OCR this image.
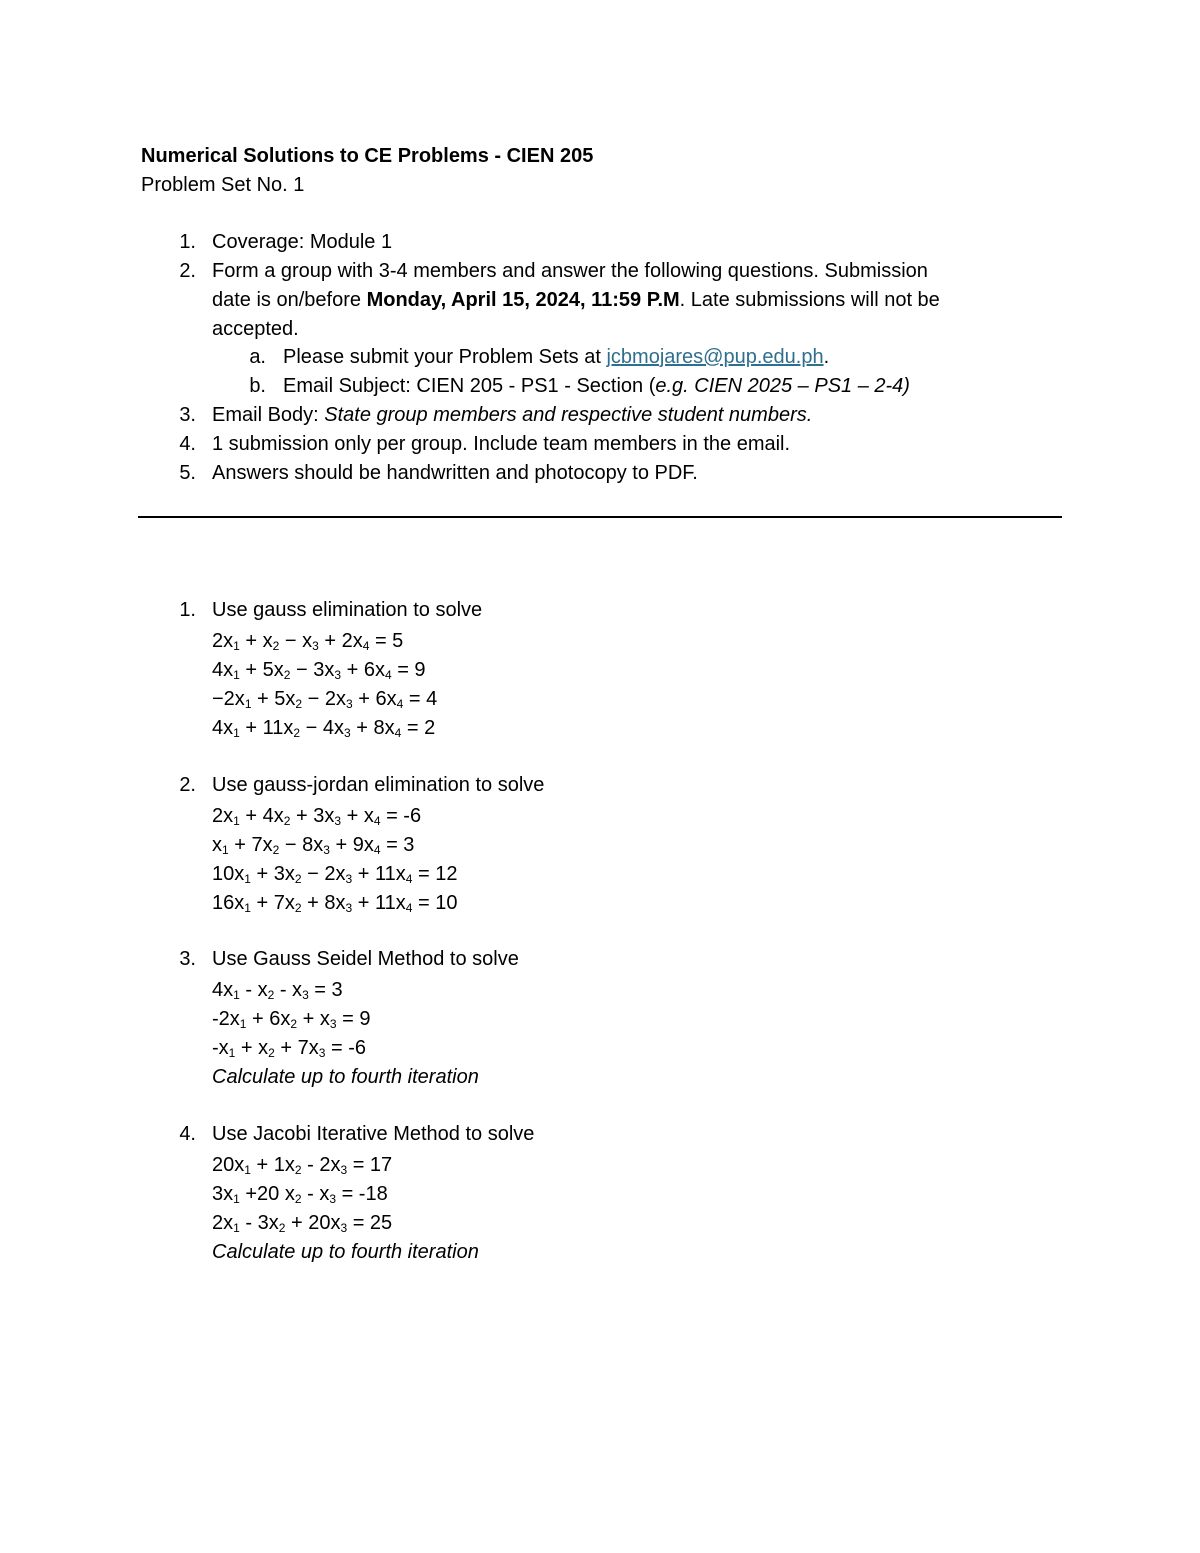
Numerical Solutions to CE Problems - CIEN 205
Problem Set No. 1
1. Coverage: Module 1
2. Form a group with 3-4 members and answer the following questions. Submission
date is on/before Monday, April 15, 2024, 11:59 P.M. Late submissions will not be
accepted.
a. Please submit your Problem Sets at jcbmojares@pup.edu.ph.
b. Email Subject: CIEN 205 - PS1 - Section (e.g. CIEN 2025 – PS1 – 2-4)
3. Email Body: State group members and respective student numbers.
4. 1 submission only per group. Include team members in the email.
5. Answers should be handwritten and photocopy to PDF.
1. Use gauss elimination to solve
$2x_1 + x_2 - x_3 + 2x_4 = 5$
$4x_1 + 5x_2 - 3x_3 + 6x_4 = 9$
$-2x_1 + 5x_2 - 2x_3 + 6x_4 = 4$
$4x_1 + 11x_2 - 4x_3 + 8x_4 = 2$
2. Use gauss-jordan elimination to solve
$2x_1 + 4x_2 + 3x_3 + x_4 = -6$
$x_1 + 7x_2 - 8x_3 + 9x_4 = 3$
$10x_1 + 3x_2 - 2x_3 + 11x_4 = 12$
$16x_1 + 7x_2 + 8x_3 + 11x_4 = 10$
3. Use Gauss Seidel Method to solve
$4x_1 - x_2 - x_3 = 3$
$-2x_1 + 6x_2 + x_3 = 9$
$-x_1 + x_2 + 7x_3 = -6$
Calculate up to fourth iteration
4. Use Jacobi Iterative Method to solve
$20x_1 + 1x_2 - 2x_3 = 17$
$3x_1 +20$ $x_2 - x_3 = -18$
$2x_1 - 3x_2 + 20x_3 = 25$
Calculate up to fourth iteration
